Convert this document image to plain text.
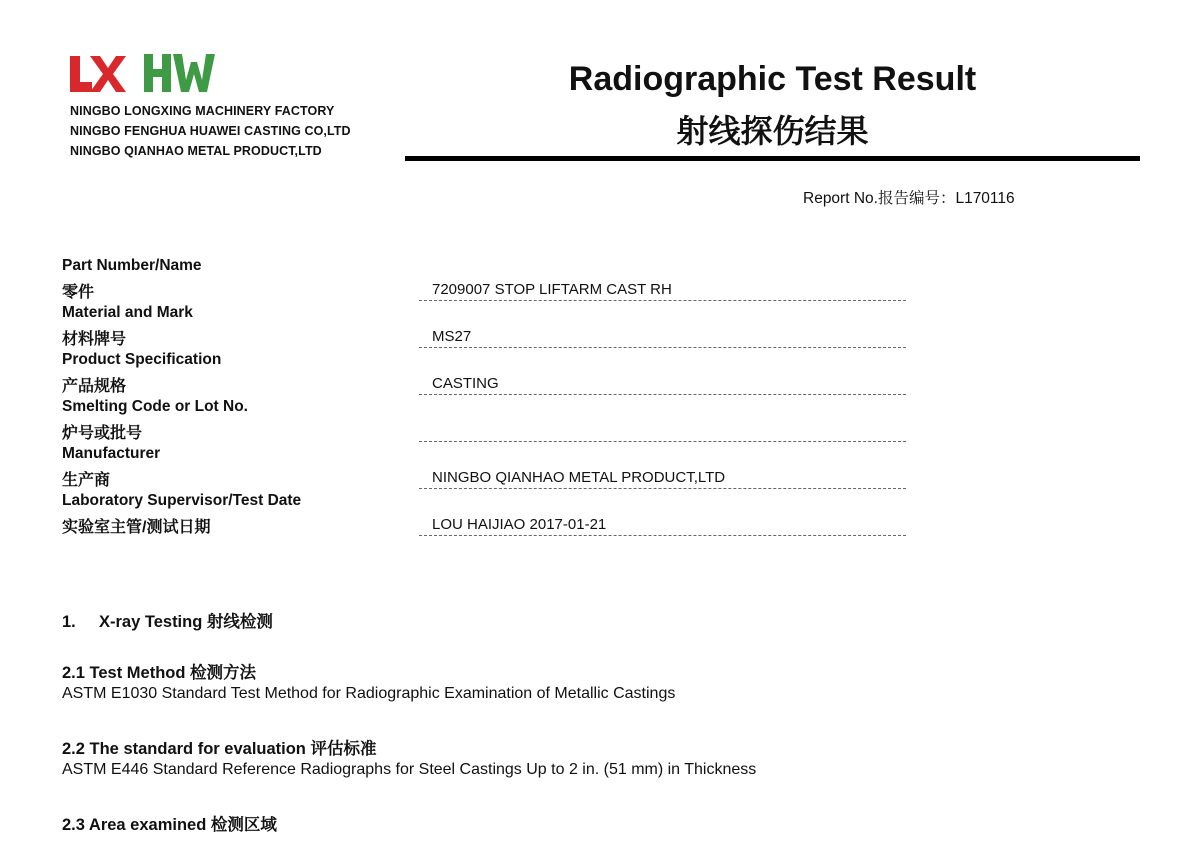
NINGBO LONGXING MACHINERY FACTORY
NINGBO FENGHUA HUAWEI CASTING CO,LTD
NINGBO QIANHAO METAL PRODUCT,LTD
Radiographic Test Result
射线探伤结果
Report No.报告编号：L170116
Part Number/Name
零件	7209007 STOP LIFTARM CAST RH
Material and Mark
材料牌号	MS27
Product Specification
产品规格	CASTING
Smelting Code or Lot No.
炉号或批号
Manufacturer
生产商	NINGBO QIANHAO METAL PRODUCT,LTD
Laboratory Supervisor/Test Date
实验室主管/测试日期	LOU HAIJIAO 2017-01-21
1. X-ray Testing 射线检测
2.1 Test Method 检测方法
ASTM E1030 Standard Test Method for Radiographic Examination of Metallic Castings
2.2 The standard for evaluation 评估标准
ASTM E446 Standard Reference Radiographs for Steel Castings Up to 2 in. (51 mm) in Thickness
2.3 Area examined 检测区域
